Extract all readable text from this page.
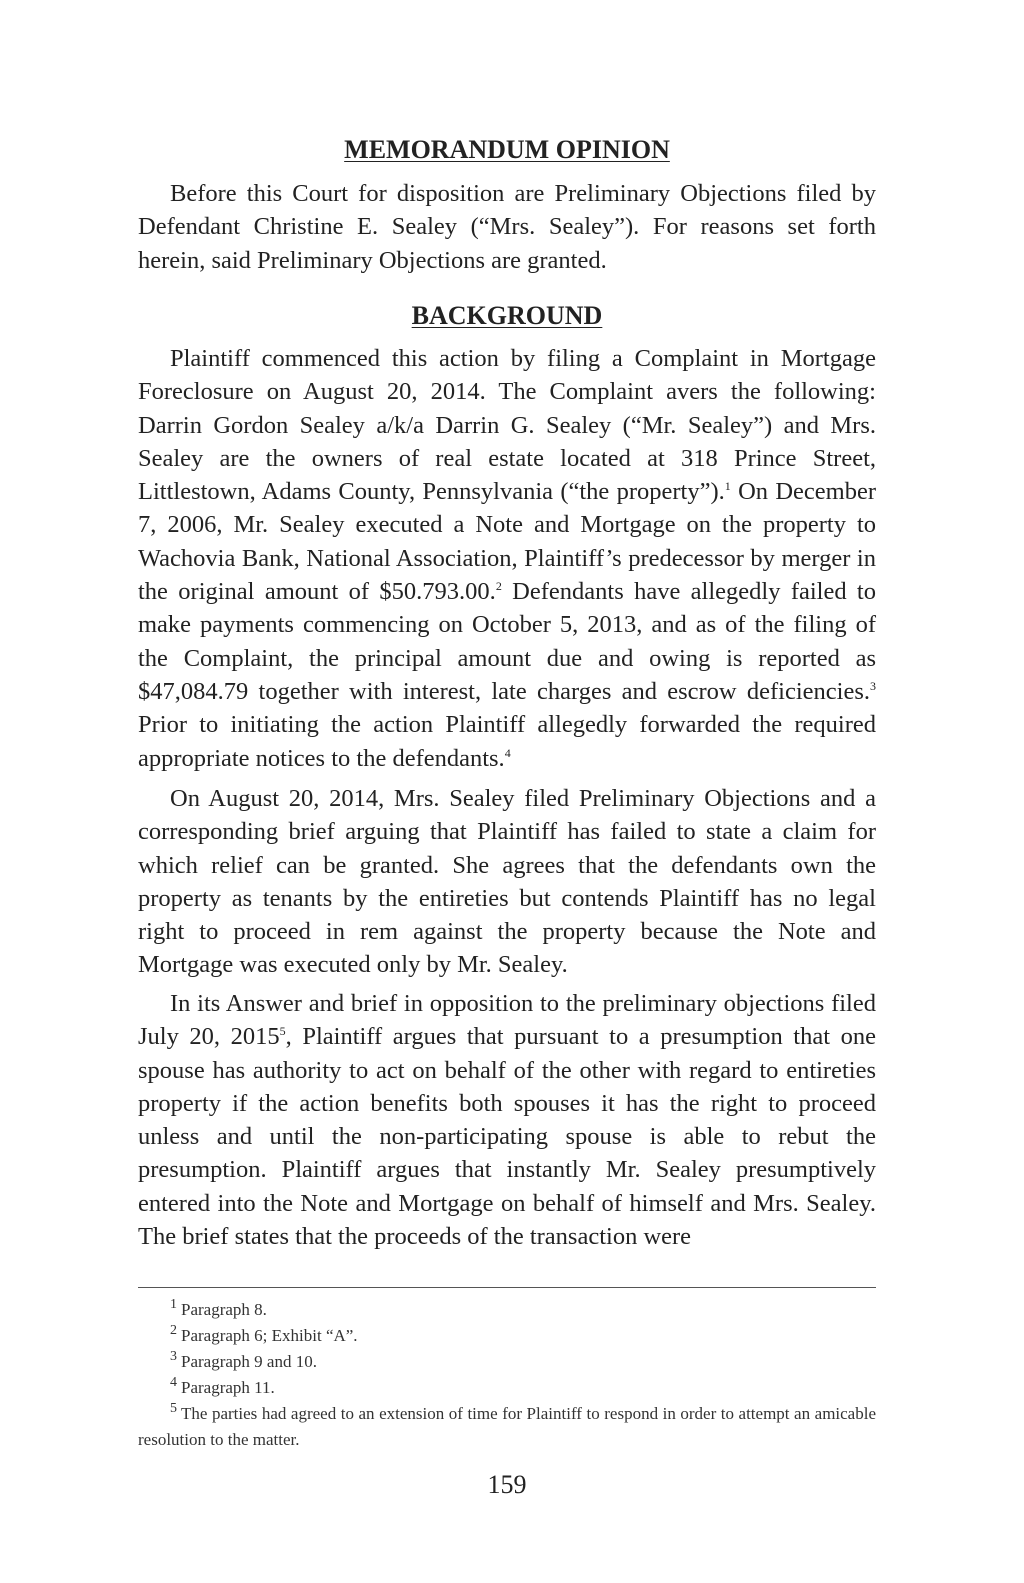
MEMORANDUM OPINION

Before this Court for disposition are Preliminary Objections filed by Defendant Christine E. Sealey (“Mrs. Sealey”). For reasons set forth herein, said Preliminary Objections are granted.

BACKGROUND

Plaintiff commenced this action by filing a Complaint in Mortgage Foreclosure on August 20, 2014. The Complaint avers the following: Darrin Gordon Sealey a/k/a Darrin G. Sealey (“Mr. Sealey”) and Mrs. Sealey are the owners of real estate located at 318 Prince Street, Littlestown, Adams County, Pennsylvania (“the property”).$^1$ On December 7, 2006, Mr. Sealey executed a Note and Mortgage on the property to Wachovia Bank, National Association, Plaintiff’s predecessor by merger in the original amount of $50.793.00.$^2$ Defendants have allegedly failed to make payments commencing on October 5, 2013, and as of the filing of the Complaint, the principal amount due and owing is reported as $47,084.79 together with interest, late charges and escrow deficiencies.$^3$ Prior to initiating the action Plaintiff allegedly forwarded the required appropriate notices to the defendants.$^4$

On August 20, 2014, Mrs. Sealey filed Preliminary Objections and a corresponding brief arguing that Plaintiff has failed to state a claim for which relief can be granted. She agrees that the defendants own the property as tenants by the entireties but contends Plaintiff has no legal right to proceed in rem against the property because the Note and Mortgage was executed only by Mr. Sealey.

In its Answer and brief in opposition to the preliminary objections filed July 20, 2015$^5$, Plaintiff argues that pursuant to a presumption that one spouse has authority to act on behalf of the other with regard to entireties property if the action benefits both spouses it has the right to proceed unless and until the non-participating spouse is able to rebut the presumption. Plaintiff argues that instantly Mr. Sealey presumptively entered into the Note and Mortgage on behalf of himself and Mrs. Sealey. The brief states that the proceeds of the transaction were

$^1$ Paragraph 8.

$^2$ Paragraph 6; Exhibit “A”.

$^3$ Paragraph 9 and 10.

$^4$ Paragraph 11.

$^5$ The parties had agreed to an extension of time for Plaintiff to respond in order to attempt an amicable resolution to the matter.

159
